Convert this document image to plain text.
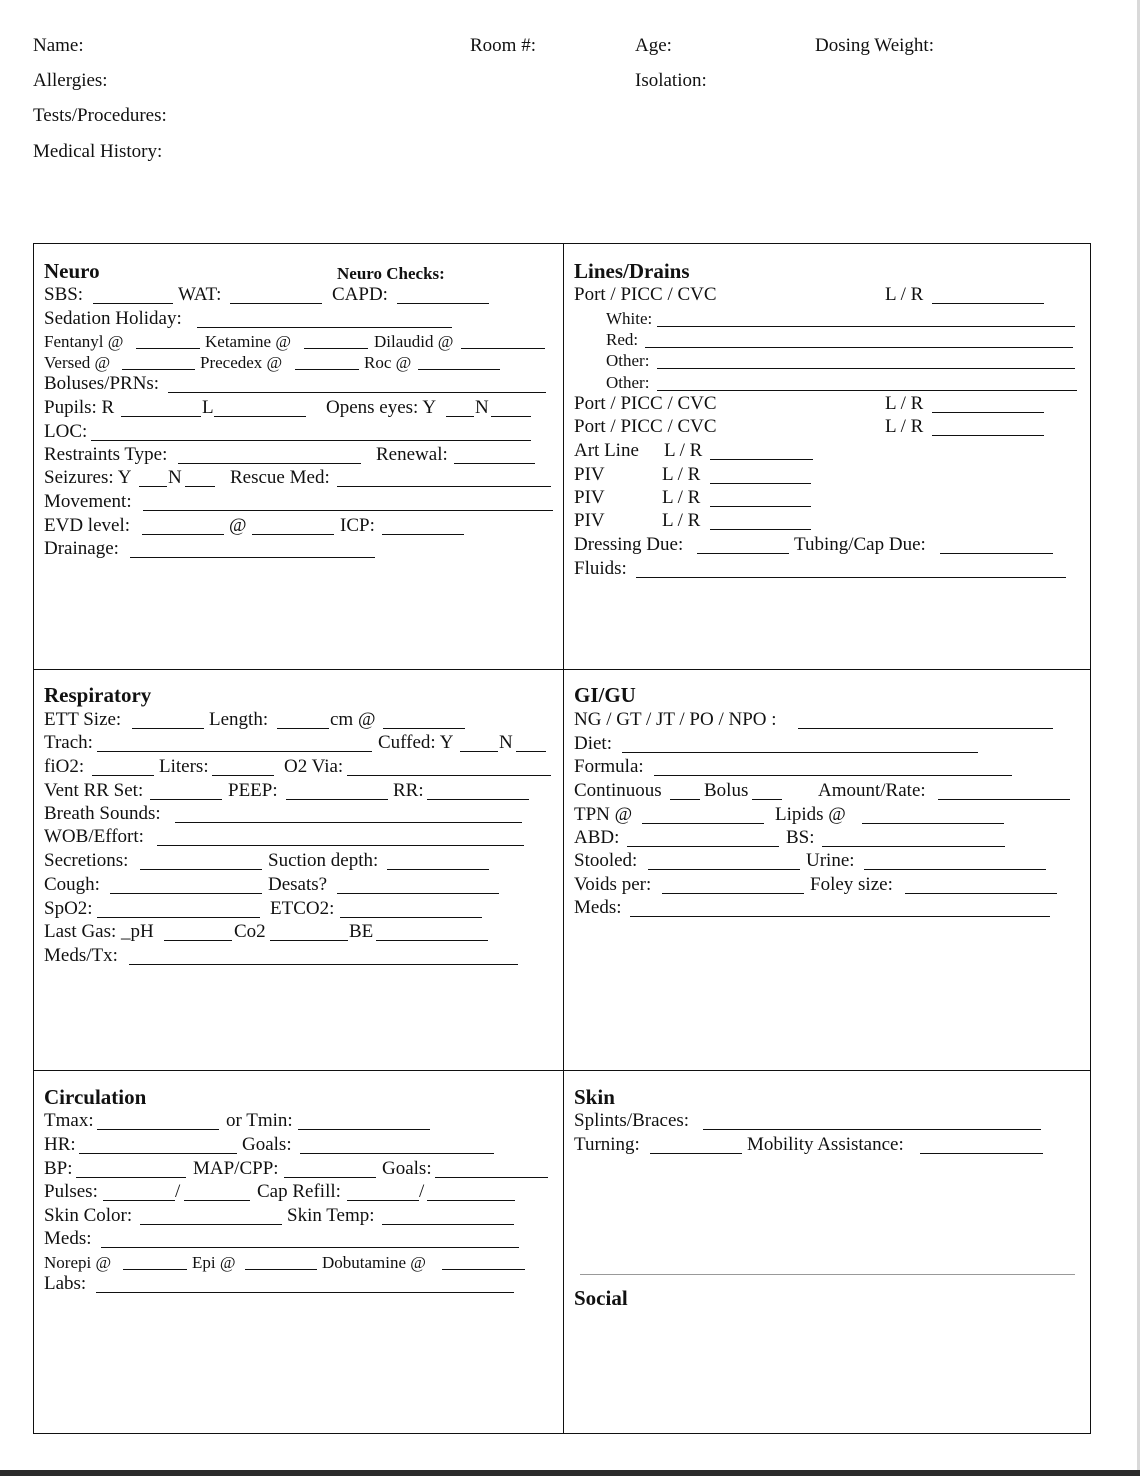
Name:	Room #:	Age:	Dosing Weight:
Allergies:	Isolation:
Tests/Procedures:
Medical History:
Neuro	Neuro Checks:
SBS:	WAT:	CAPD:
Sedation Holiday:
Fentanyl @	Ketamine @	Dilaudid @
Versed @	Precedex @	Roc @
Boluses/PRNs:
Pupils: R	L	Opens eyes: Y N
LOC:
Restraints Type:	Renewal:
Seizures: Y N	Rescue Med:
Movement:
EVD level:	@	ICP:
Drainage:
Lines/Drains
Port / PICC / CVC	L / R
White:
Red:
Other:
Other:
Port / PICC / CVC	L / R
Port / PICC / CVC	L / R
Art Line L / R
PIV	L / R
PIV	L / R
PIV	L / R
Dressing Due:	Tubing/Cap Due:
Fluids:
Respiratory
ETT Size:	Length:	cm @
Trach:	Cuffed: Y N
fiO2:	Liters:	O2 Via:
Vent RR Set:	PEEP:	RR:
Breath Sounds:
WOB/Effort:
Secretions:	Suction depth:
Cough:	Desats?
SpO2:	ETCO2:
Last Gas: _pH	Co2	BE
Meds/Tx:
GI/GU
NG / GT / JT / PO / NPO :
Diet:
Formula:
Continuous Bolus	Amount/Rate:
TPN @	Lipids @
ABD:	BS:
Stooled:	Urine:
Voids per:	Foley size:
Meds:
Circulation
Tmax:	or Tmin:
HR:	Goals:
BP:	MAP/CPP:	Goals:
Pulses:	/	Cap Refill:	/
Skin Color:	Skin Temp:
Meds:
Norepi @	Epi @	Dobutamine @
Labs:
Skin
Splints/Braces:
Turning:	Mobility Assistance:
Social
